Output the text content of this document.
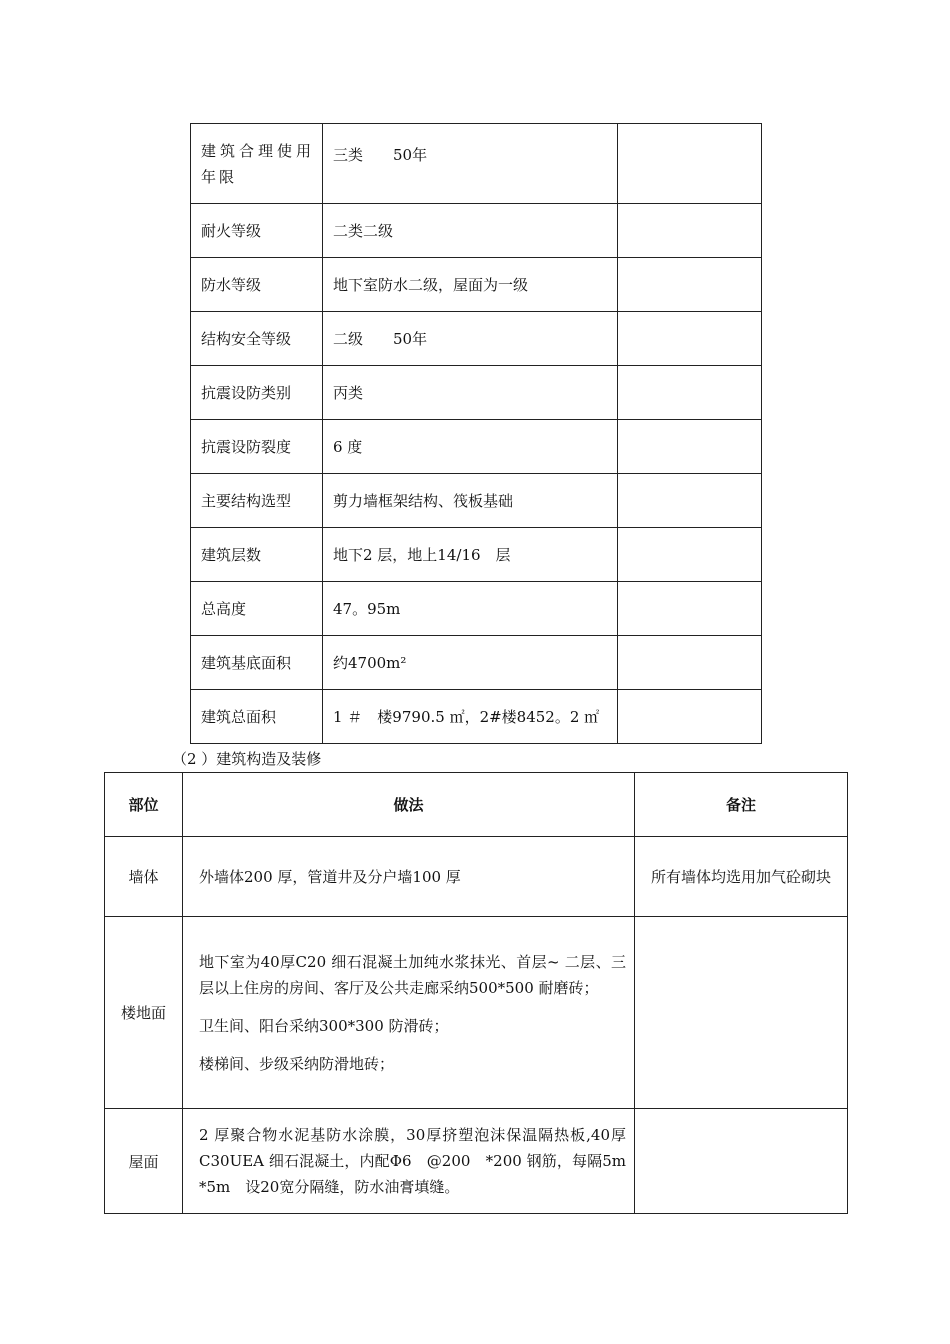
建筑合理使用年限	三类　　50年	
耐火等级	二类二级	
防水等级	地下室防水二级，屋面为一级	
结构安全等级	二级　　50年	
抗震设防类别	丙类	
抗震设防裂度	6 度	
主要结构选型	剪力墙框架结构、筏板基础	
建筑层数	地下2 层，地上14/16　层	
总高度	47。95m	
建筑基底面积	约4700m²	
建筑总面积	1 ＃　楼9790.5 ㎡，2#楼8452。2 ㎡	
（2 ）建筑构造及装修
部位	做法	备注
墙体	外墙体200 厚，管道井及分户墙100 厚	所有墙体均选用加气砼砌块
楼地面	地下室为40厚C20 细石混凝土加纯水浆抹光、首层~ 二层、三层以上住房的房间、客厅及公共走廊采纳500*500 耐磨砖；

卫生间、阳台采纳300*300 防滑砖；

楼梯间、步级采纳防滑地砖；	

屋面	2 厚聚合物水泥基防水涂膜，30厚挤塑泡沫保温隔热板,40厚C30UEA 细石混凝土，内配Φ6　@200　*200 钢筋，每隔5m　*5m　设20宽分隔缝，防水油膏填缝。	
